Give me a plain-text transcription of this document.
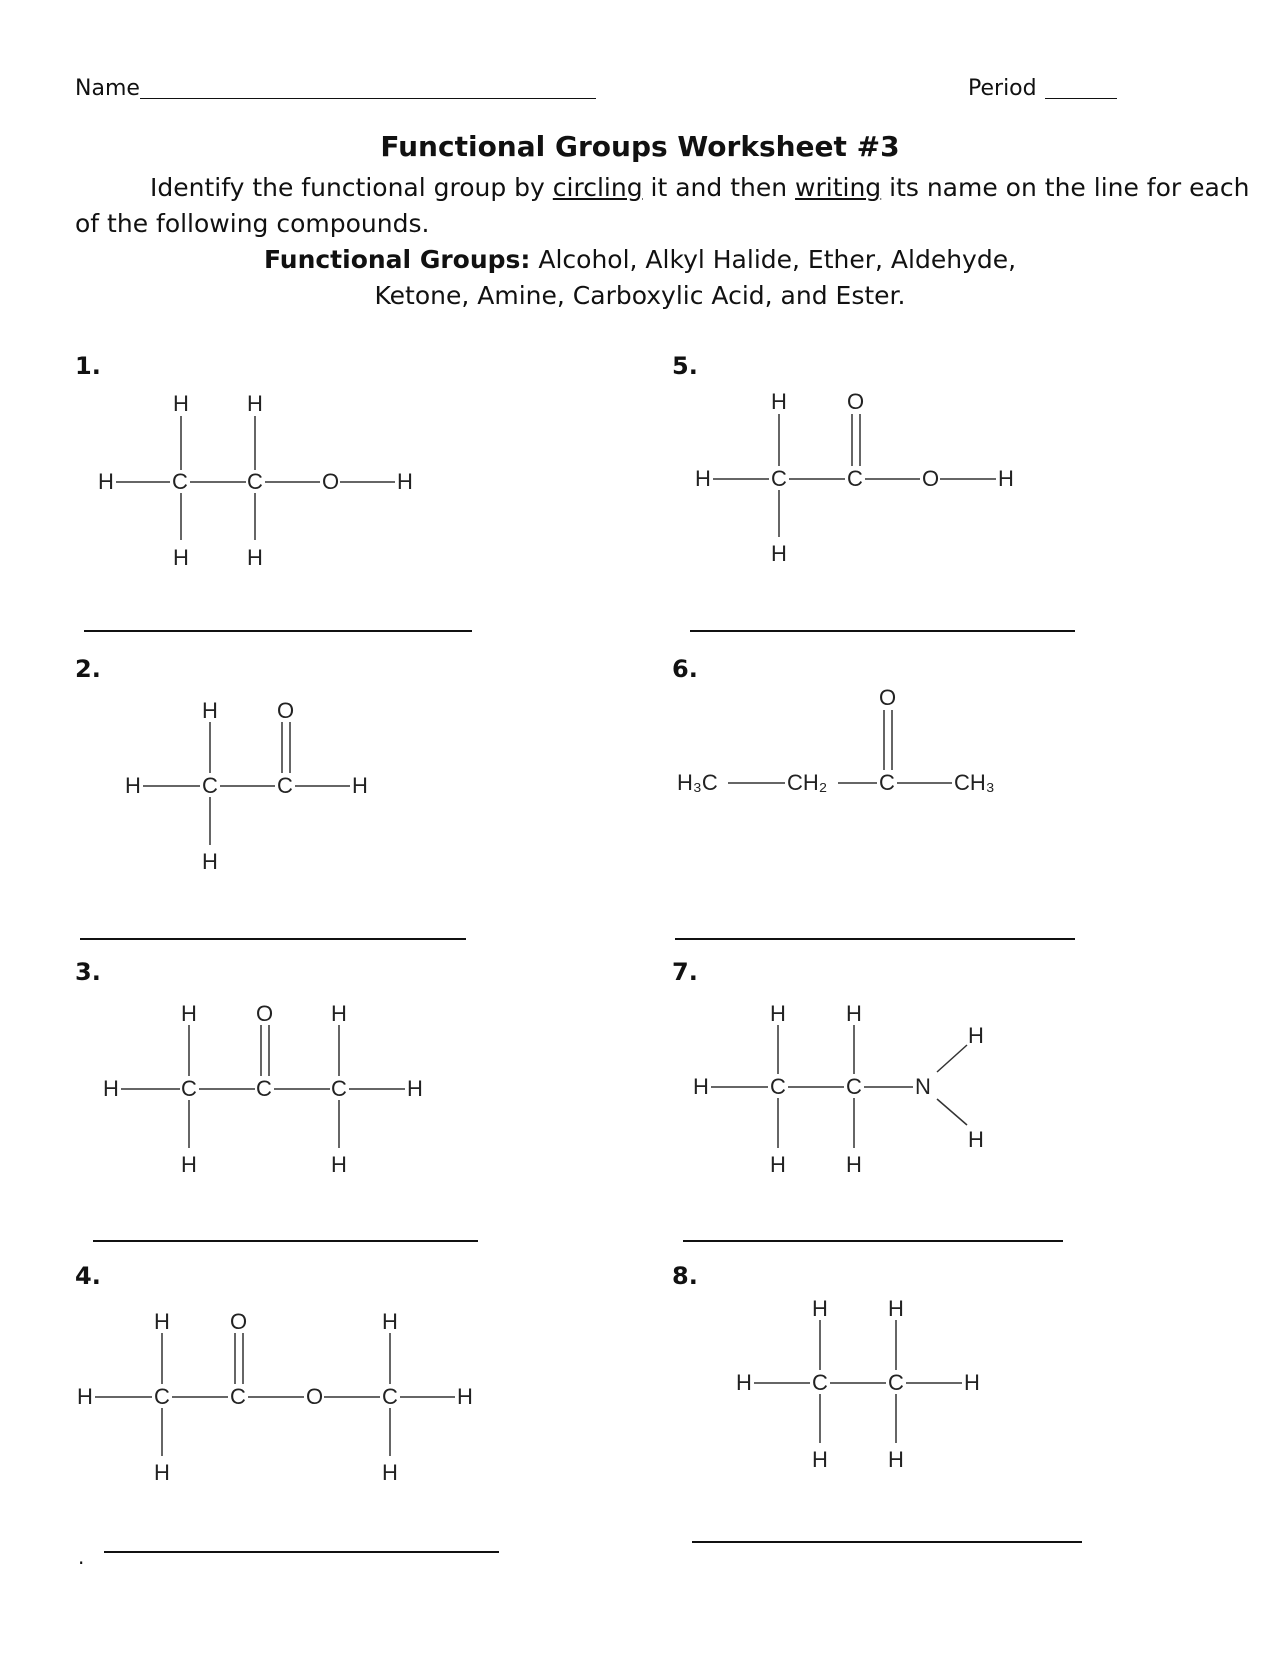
Name	Period
Functional Groups Worksheet #3
Identify the functional group by circling it and then writing its name on the line for each
of the following compounds.
Functional Groups: Alcohol, Alkyl Halide, Ether, Aldehyde,
Ketone, Amine, Carboxylic Acid, and Ester.
1.
2.
3.
4.
5.
6.
7.
8.
.
H	C	C	O	H
H	H
H	H
H	C	C	H
H
H
O
H	C	C	C	H
H
H
O	H
H
H	C	C	O	C	H
H
H
O	H
H
H	C	C	O	H
H
H
O
H₃C	CH₂ C	CH₃
O
H	C	C N
H
H
H
H
H
H
H	C	C	H
H
H
H
H
